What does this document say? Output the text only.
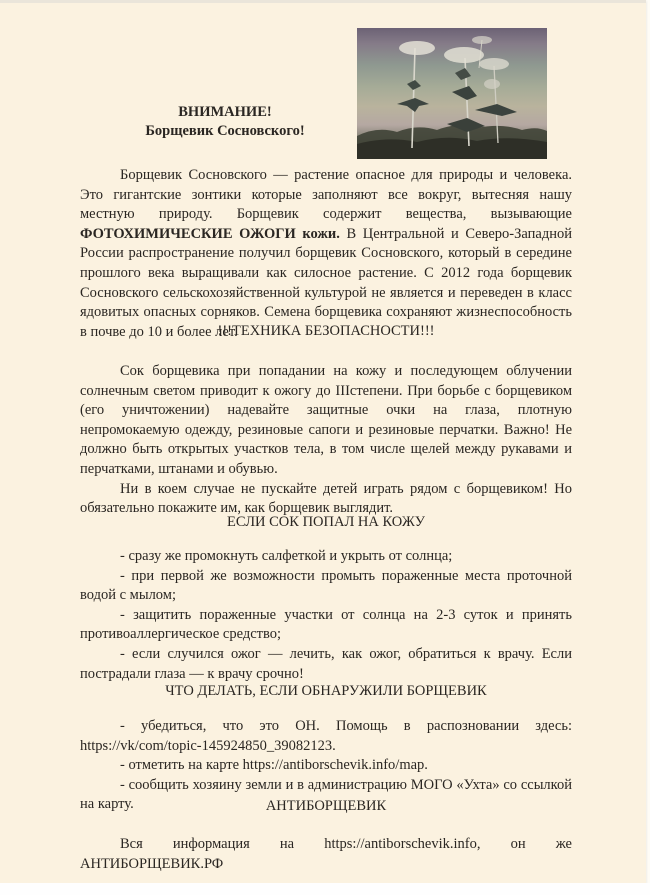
ВНИМАНИЕ!
Борщевик Сосновского!

Борщевик Сосновского — растение опасное для природы и человека. Это гигантские зонтики которые заполняют все вокруг, вытесняя нашу местную природу. Борщевик содержит вещества, вызывающие ФОТОХИМИЧЕСКИЕ ОЖОГИ кожи. В Центральной и Северо-Западной России распространение получил борщевик Сосновского, который в середине прошлого века выращивали как силосное растение. С 2012 года борщевик Сосновского сельскохозяйственной культурой не является и переведен в класс ядовитых опасных сорняков. Семена борщевика сохраняют жизнеспособность в почве до 10 и более лет.

!!!ТЕХНИКА БЕЗОПАСНОСТИ!!!

Сок борщевика при попадании на кожу и последующем облучении солнечным светом приводит к ожогу до IIIстепени. При борьбе с борщевиком (его уничтожении) надевайте защитные очки на глаза, плотную непромокаемую одежду, резиновые сапоги и резиновые перчатки. Важно! Не должно быть открытых участков тела, в том числе щелей между рукавами и перчатками, штанами и обувью.

Ни в коем случае не пускайте детей играть рядом с борщевиком! Но обязательно покажите им, как борщевик выглядит.

ЕСЛИ СОК ПОПАЛ НА КОЖУ

- сразу же промокнуть салфеткой и укрыть от солнца;

- при первой же возможности промыть пораженные места проточной водой с мылом;

- защитить пораженные участки от солнца на 2-3 суток и принять противоаллергическое средство;

- если случился ожог — лечить, как ожог, обратиться к врачу. Если пострадали глаза — к врачу срочно!

ЧТО ДЕЛАТЬ, ЕСЛИ ОБНАРУЖИЛИ БОРЩЕВИК

- убедиться, что это ОН. Помощь в распозновании здесь: https://vk/com/topic-145924850_39082123.

- отметить на карте https://antiborschevik.info/map.

- сообщить хозяину земли и в администрацию МОГО «Ухта» со ссылкой на карту.	АНТИБОРЩЕВИК

Вся информация на https://antiborschevik.info, он же АНТИБОРЩЕВИК.РФ
